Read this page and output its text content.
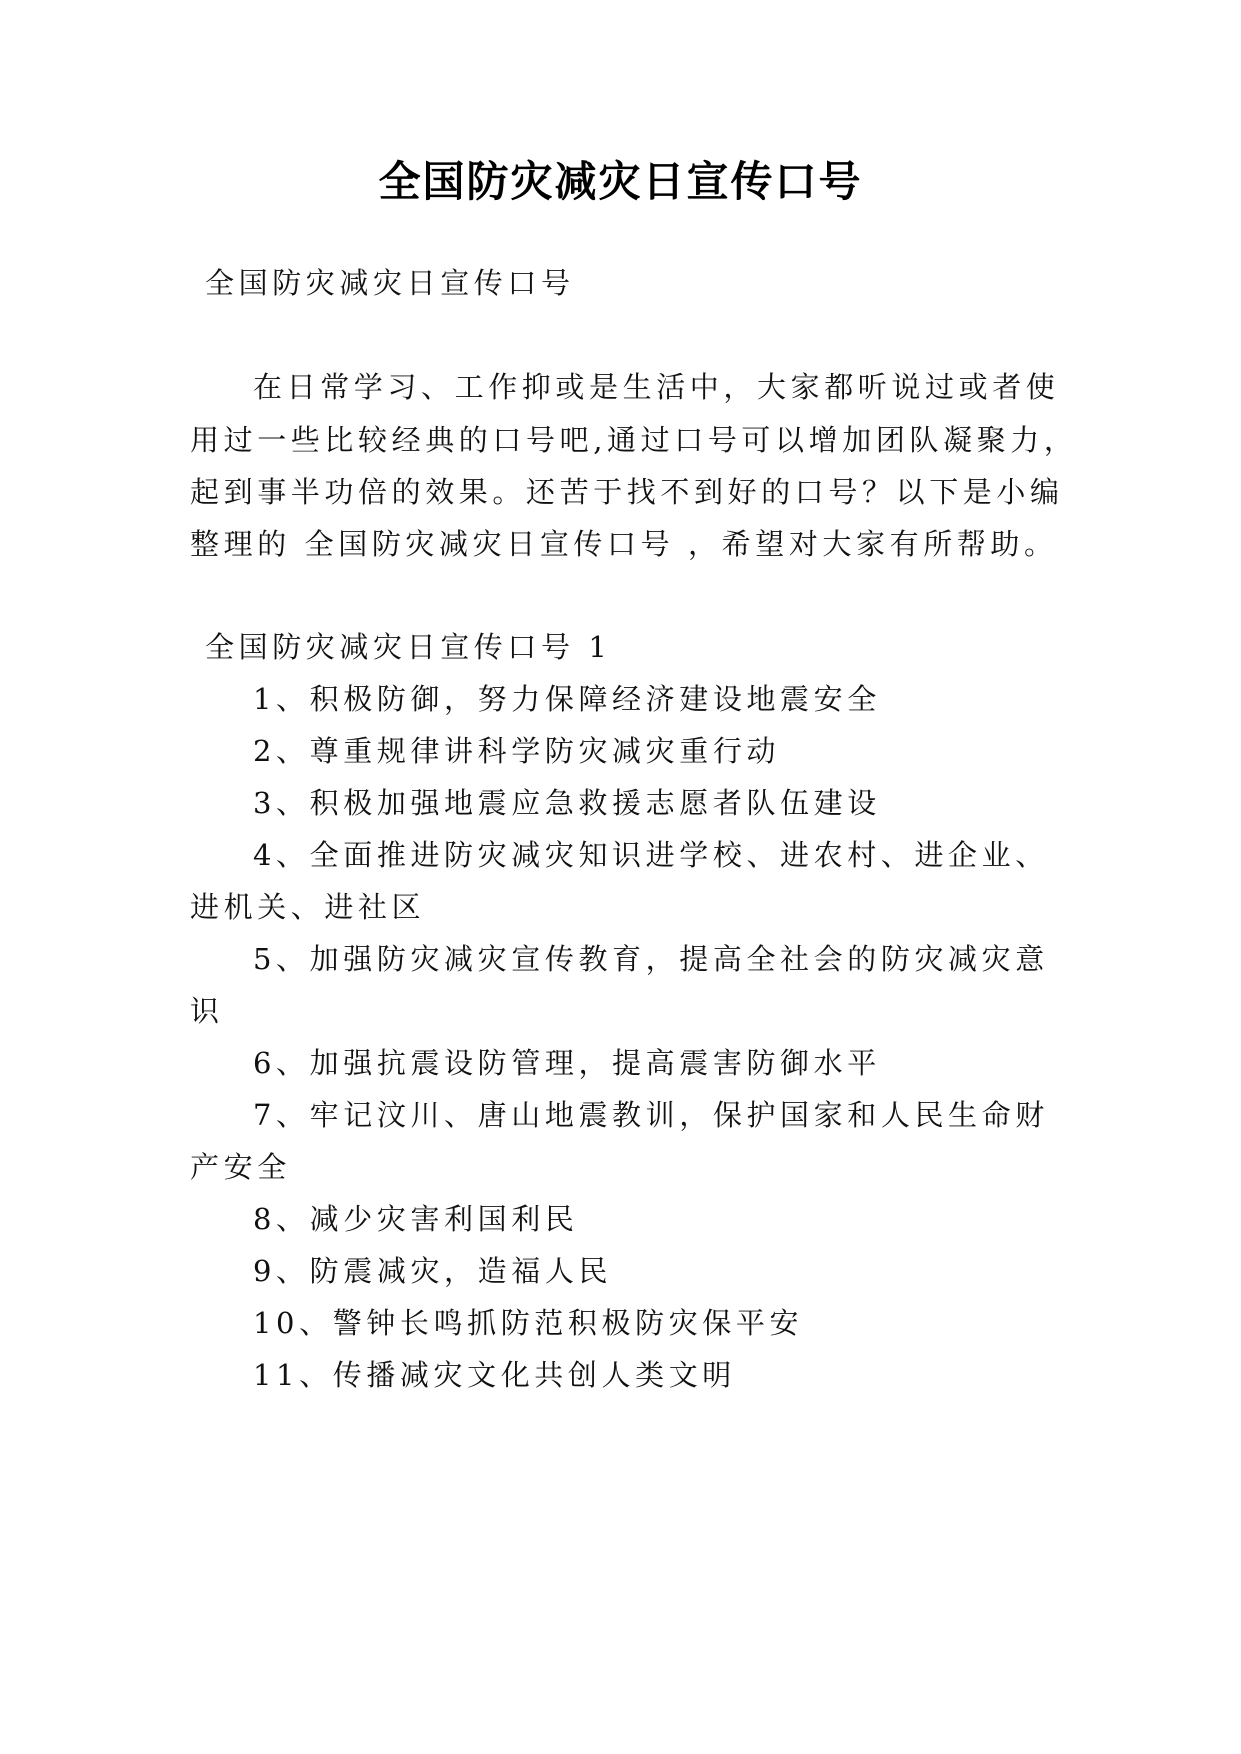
全国防灾减灾日宣传口号
全国防灾减灾日宣传口号
在日常学习、工作抑或是生活中，大家都听说过或者使
用过一些比较经典的口号吧,通过口号可以增加团队凝聚力，
起到事半功倍的效果。还苦于找不到好的口号？以下是小编
整理的 全国防灾减灾日宣传口号 ，希望对大家有所帮助。
全国防灾减灾日宣传口号 1
1、积极防御，努力保障经济建设地震安全
2、尊重规律讲科学防灾减灾重行动
3、积极加强地震应急救援志愿者队伍建设
4、全面推进防灾减灾知识进学校、进农村、进企业、
进机关、进社区
5、加强防灾减灾宣传教育，提高全社会的防灾减灾意
识
6、加强抗震设防管理，提高震害防御水平
7、牢记汶川、唐山地震教训，保护国家和人民生命财
产安全
8、减少灾害利国利民
9、防震减灾，造福人民
10、警钟长鸣抓防范积极防灾保平安
11、传播减灾文化共创人类文明
